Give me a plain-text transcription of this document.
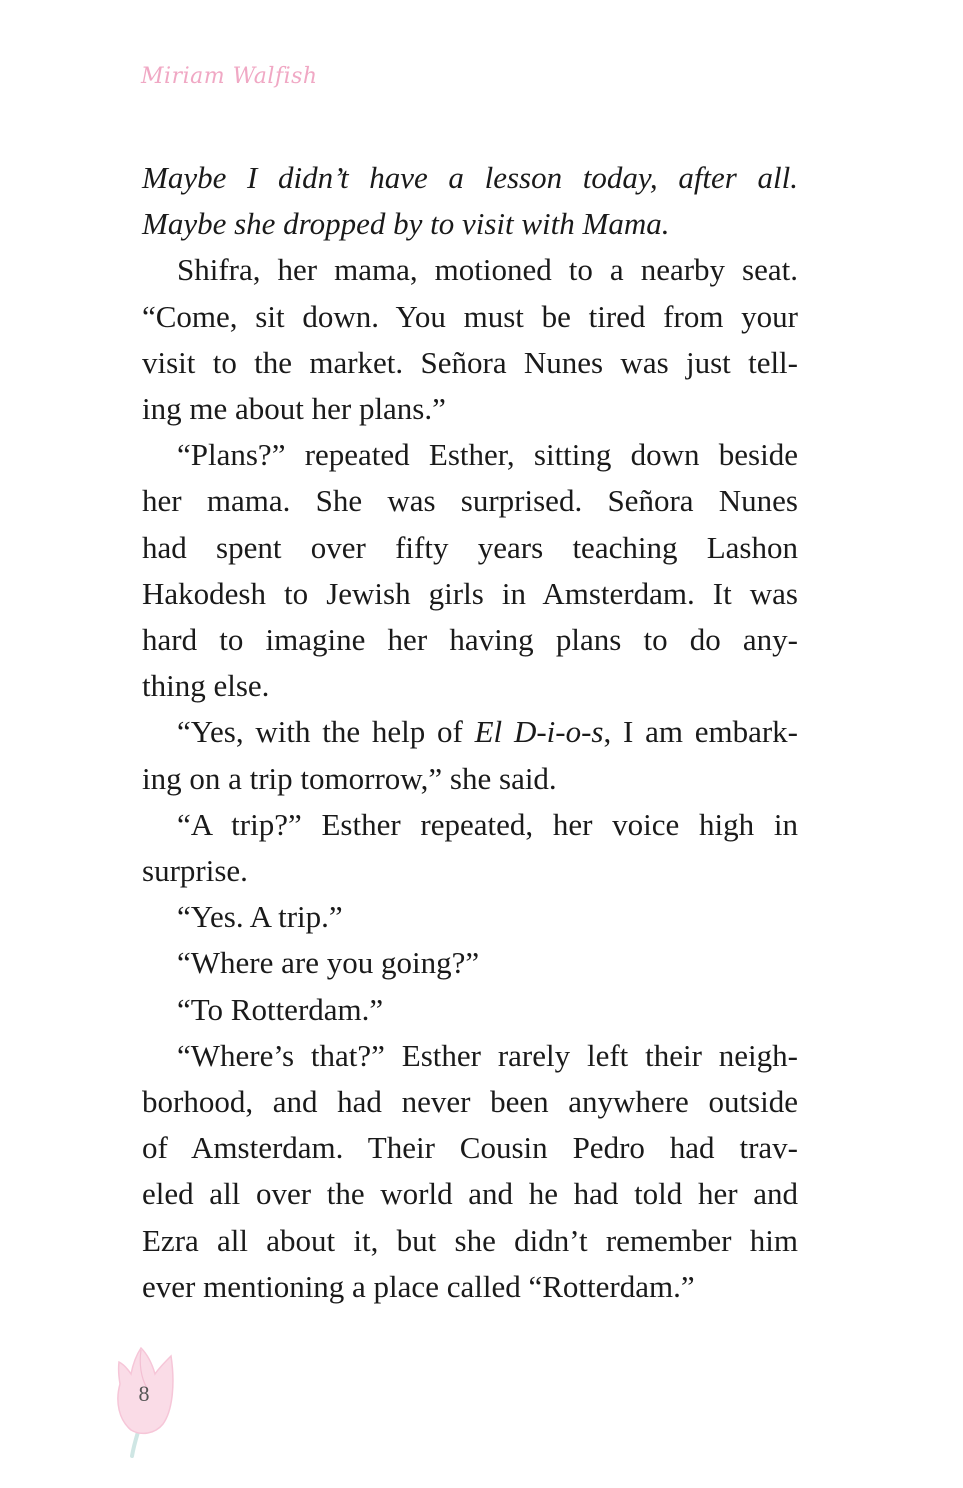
Miriam Walfish

Maybe I didn’t have a lesson today, after all.
Maybe she dropped by to visit with Mama.

Shifra, her mama, motioned to a nearby seat.
“Come, sit down. You must be tired from your
visit to the market. Señora Nunes was just tell-
ing me about her plans.”

“Plans?” repeated Esther, sitting down beside
her mama. She was surprised. Señora Nunes
had spent over fifty years teaching Lashon
Hakodesh to Jewish girls in Amsterdam. It was
hard to imagine her having plans to do any-
thing else.

“Yes, with the help of El D-i-o-s, I am embark-
ing on a trip tomorrow,” she said.

“A trip?” Esther repeated, her voice high in
surprise.

“Yes. A trip.”

“Where are you going?”

“To Rotterdam.”

“Where’s that?” Esther rarely left their neigh-
borhood, and had never been anywhere outside
of Amsterdam. Their Cousin Pedro had trav-
eled all over the world and he had told her and
Ezra all about it, but she didn’t remember him
ever mentioning a place called “Rotterdam.”

8
